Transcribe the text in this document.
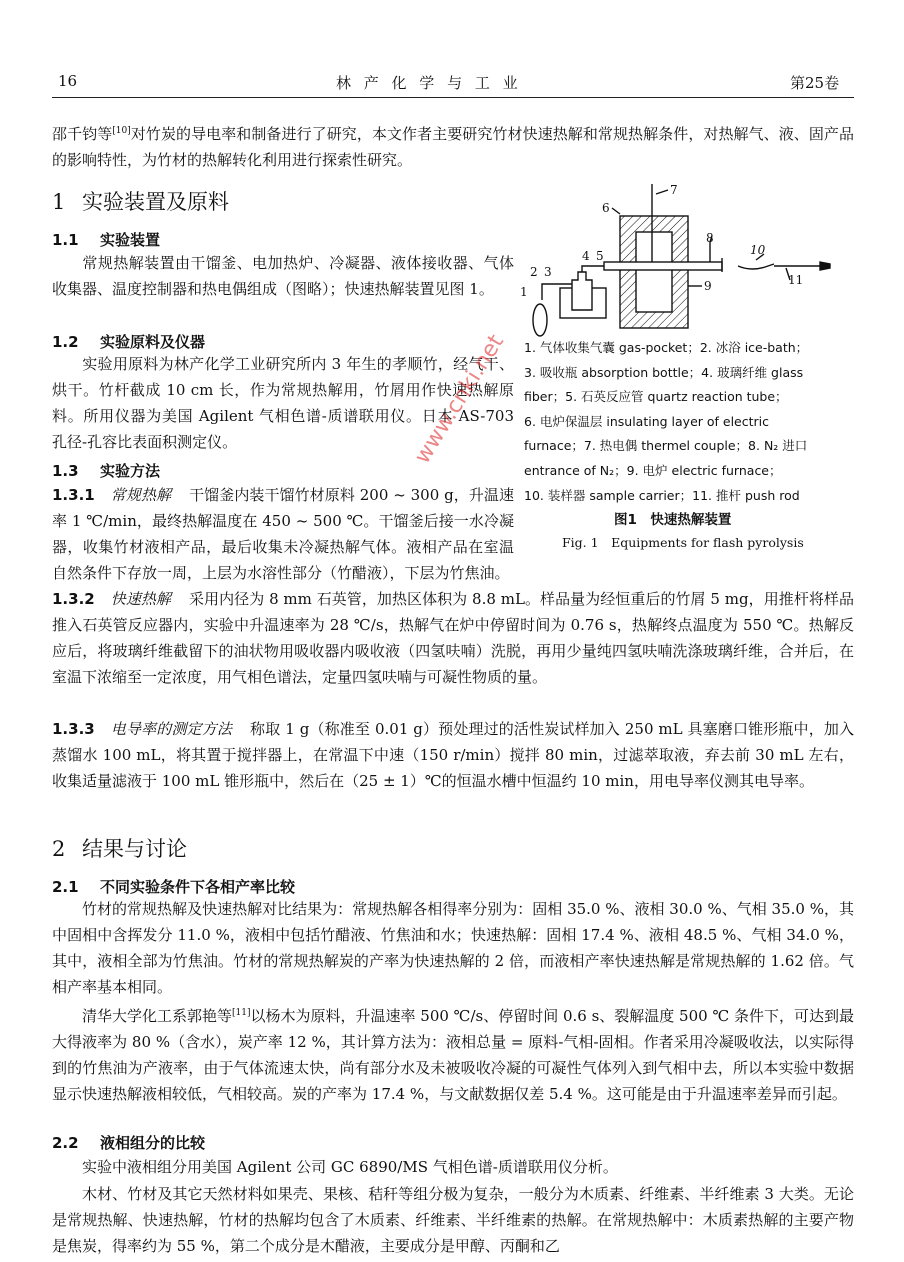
16	林 产 化 学 与 工 业	第25卷

邵千钧等[10]对竹炭的导电率和制备进行了研究，本文作者主要研究竹材快速热解和常规热解条件，对热解气、液、固产品的影响特性，为竹材的热解转化利用进行探索性研究。

1 实验装置及原料
1.1 实验装置

常规热解装置由干馏釜、电加热炉、冷凝器、液体接收器、气体收集器、温度控制器和热电偶组成（图略）；快速热解装置见图 1。

1.2 实验原料及仪器

实验用原料为林产化学工业研究所内 3 年生的孝顺竹，经气干、烘干。竹杆截成 10 cm 长，作为常规热解用，竹屑用作快速热解原料。所用仪器为美国 Agilent 气相色谱-质谱联用仪。日本 AS-703 孔径-孔容比表面积测定仪。

1.3 实验方法

1.3.1 常规热解 干馏釜内装干馏竹材原料 200 ~ 300 g，升温速率 1 ℃/min，最终热解温度在 450 ~ 500 ℃。干馏釜后接一水冷凝器，收集竹材液相产品，最后收集未冷凝热解气体。液相产品在室温自然条件下存放一周，上层为水溶性部分（竹醋液），下层为竹焦油。

1.3.2 快速热解 采用内径为 8 mm 石英管，加热区体积为 8.8 mL。样品量为经恒重后的竹屑 5 mg，用推杆将样品推入石英管反应器内，实验中升温速率为 28 ℃/s，热解气在炉中停留时间为 0.76 s，热解终点温度为 550 ℃。热解反应后，将玻璃纤维截留下的油状物用吸收器内吸收液（四氢呋喃）洗脱，再用少量纯四氢呋喃洗涤玻璃纤维，合并后，在室温下浓缩至一定浓度，用气相色谱法，定量四氢呋喃与可凝性物质的量。

1.3.3 电导率的测定方法 称取 1 g（称准至 0.01 g）预处理过的活性炭试样加入 250 mL 具塞磨口锥形瓶中，加入蒸馏水 100 mL，将其置于搅拌器上，在常温下中速（150 r/min）搅拌 80 min，过滤萃取液，弃去前 30 mL 左右，收集适量滤液于 100 mL 锥形瓶中，然后在（25 ± 1）℃的恒温水槽中恒温约 10 min，用电导率仪测其电导率。

1
2 3
4 5
6
7
8
9
10
11
1. 气体收集气囊 gas-pocket；2. 冰浴 ice-bath；
3. 吸收瓶 absorption bottle；4. 玻璃纤维 glass
fiber；5. 石英反应管 quartz reaction tube；
6. 电炉保温层 insulating layer of electric
furnace；7. 热电偶 thermel couple；8. N₂ 进口
entrance of N₂；9. 电炉 electric furnace；
10. 装样器 sample carrier；11. 推杆 push rod
图1　快速热解装置
Fig. 1　Equipments for flash pyrolysis
2 结果与讨论
2.1 不同实验条件下各相产率比较

竹材的常规热解及快速热解对比结果为：常规热解各相得率分别为：固相 35.0 %、液相 30.0 %、气相 35.0 %，其中固相中含挥发分 11.0 %，液相中包括竹醋液、竹焦油和水；快速热解：固相 17.4 %、液相 48.5 %、气相 34.0 %，其中，液相全部为竹焦油。竹材的常规热解炭的产率为快速热解的 2 倍，而液相产率快速热解是常规热解的 1.62 倍。气相产率基本相同。

清华大学化工系郭艳等[11]以杨木为原料，升温速率 500 ℃/s、停留时间 0.6 s、裂解温度 500 ℃ 条件下，可达到最大得液率为 80 %（含水），炭产率 12 %，其计算方法为：液相总量 = 原料-气相-固相。作者采用冷凝吸收法，以实际得到的竹焦油为产液率，由于气体流速太快，尚有部分水及未被吸收冷凝的可凝性气体列入到气相中去，所以本实验中数据显示快速热解液相较低，气相较高。炭的产率为 17.4 %，与文献数据仅差 5.4 %。这可能是由于升温速率差异而引起。

2.2 液相组分的比较

实验中液相组分用美国 Agilent 公司 GC 6890/MS 气相色谱-质谱联用仪分析。

木材、竹材及其它天然材料如果壳、果核、秸秆等组分极为复杂，一般分为木质素、纤维素、半纤维素 3 大类。无论是常规热解、快速热解，竹材的热解均包含了木质素、纤维素、半纤维素的热解。在常规热解中：木质素热解的主要产物是焦炭，得率约为 55 %，第二个成分是木醋液，主要成分是甲醇、丙酮和乙

www.cnki.net
